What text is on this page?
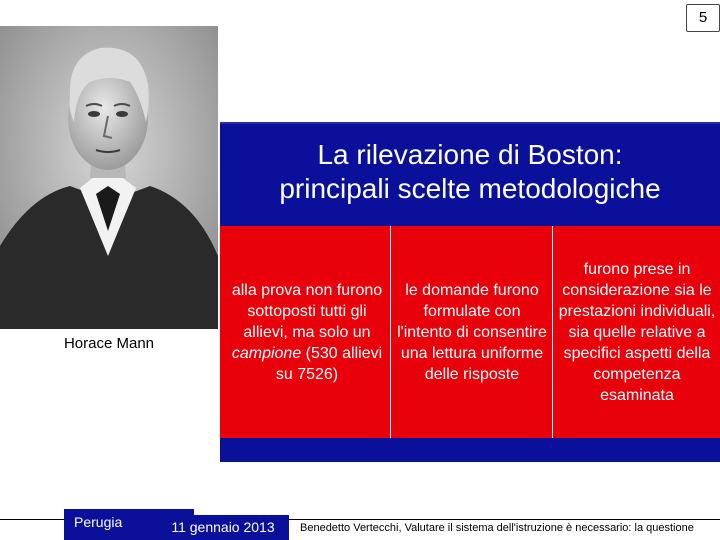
5
Horace Mann
La rilevazione di Boston:
principali scelte metodologiche
alla prova non furono sottoposti tutti gli allievi, ma solo un campione (530 allievi su 7526)
le domande furono formulate con l'intento di consentire una lettura uniforme delle risposte
furono prese in considerazione sia le prestazioni individuali, sia quelle relative a specifici aspetti della competenza esaminata
Perugia	11 gennaio 2013	Benedetto Vertecchi, Valutare il sistema dell'istruzione è necessario: la questione
